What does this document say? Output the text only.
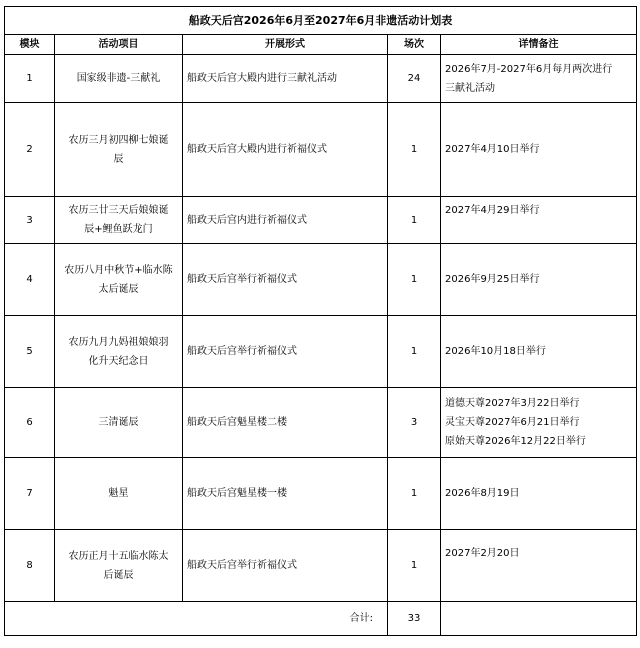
船政天后宫2026年6月至2027年6月非遗活动计划表				
模块	活动项目	开展形式	场次	详情备注
1	国家级非遗-三献礼	船政天后宫大殿内进行三献礼活动	24	2026年7月-2027年6月每月两次进行
三献礼活动

2	农历三月初四柳七娘诞
辰	船政天后宫大殿内进行祈福仪式	1	2027年4月10日举行

3	农历三廿三天后娘娘诞
辰+鲤鱼跃龙门	船政天后宫内进行祈福仪式	1	2027年4月29日举行

4	农历八月中秋节+临水陈
太后诞辰	船政天后宫举行祈福仪式	1	2026年9月25日举行

5	农历九月九妈祖娘娘羽
化升天纪念日	船政天后宫举行祈福仪式	1	2026年10月18日举行

6	三清诞辰	船政天后宫魁星楼二楼	3	道德天尊2027年3月22日举行
灵宝天尊2027年6月21日举行
原始天尊2026年12月22日举行

7	魁星	船政天后宫魁星楼一楼	1	2026年8月19日

8	农历正月十五临水陈太
后诞辰	船政天后宫举行祈福仪式	1	2027年2月20日

合计:			33	
